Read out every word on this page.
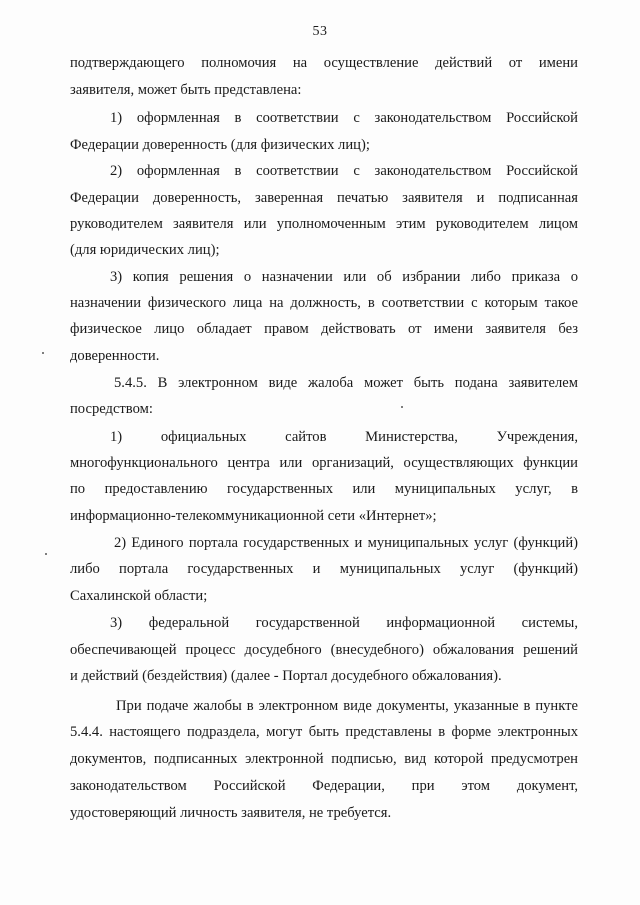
53
подтверждающего полномочия на осуществление действий от имени
заявителя, может быть представлена:
1) оформленная в соответствии с законодательством Российской
Федерации доверенность (для физических лиц);
2) оформленная в соответствии с законодательством Российской
Федерации доверенность, заверенная печатью заявителя и подписанная
руководителем заявителя или уполномоченным этим руководителем лицом
(для юридических лиц);
3) копия решения о назначении или об избрании либо приказа о
назначении физического лица на должность, в соответствии с которым такое
физическое лицо обладает правом действовать от имени заявителя без
доверенности.
5.4.5. В электронном виде жалоба может быть подана заявителем
посредством:
1) официальных сайтов Министерства, Учреждения,
многофункционального центра или организаций, осуществляющих функции
по предоставлению государственных или муниципальных услуг, в
информационно-телекоммуникационной сети «Интернет»;
2) Единого портала государственных и муниципальных услуг (функций)
либо портала государственных и муниципальных услуг (функций)
Сахалинской области;
3) федеральной государственной информационной системы,
обеспечивающей процесс досудебного (внесудебного) обжалования решений
и действий (бездействия) (далее - Портал досудебного обжалования).
При подаче жалобы в электронном виде документы, указанные в пункте
5.4.4. настоящего подраздела, могут быть представлены в форме электронных
документов, подписанных электронной подписью, вид которой предусмотрен
законодательством Российской Федерации, при этом документ,
удостоверяющий личность заявителя, не требуется.
